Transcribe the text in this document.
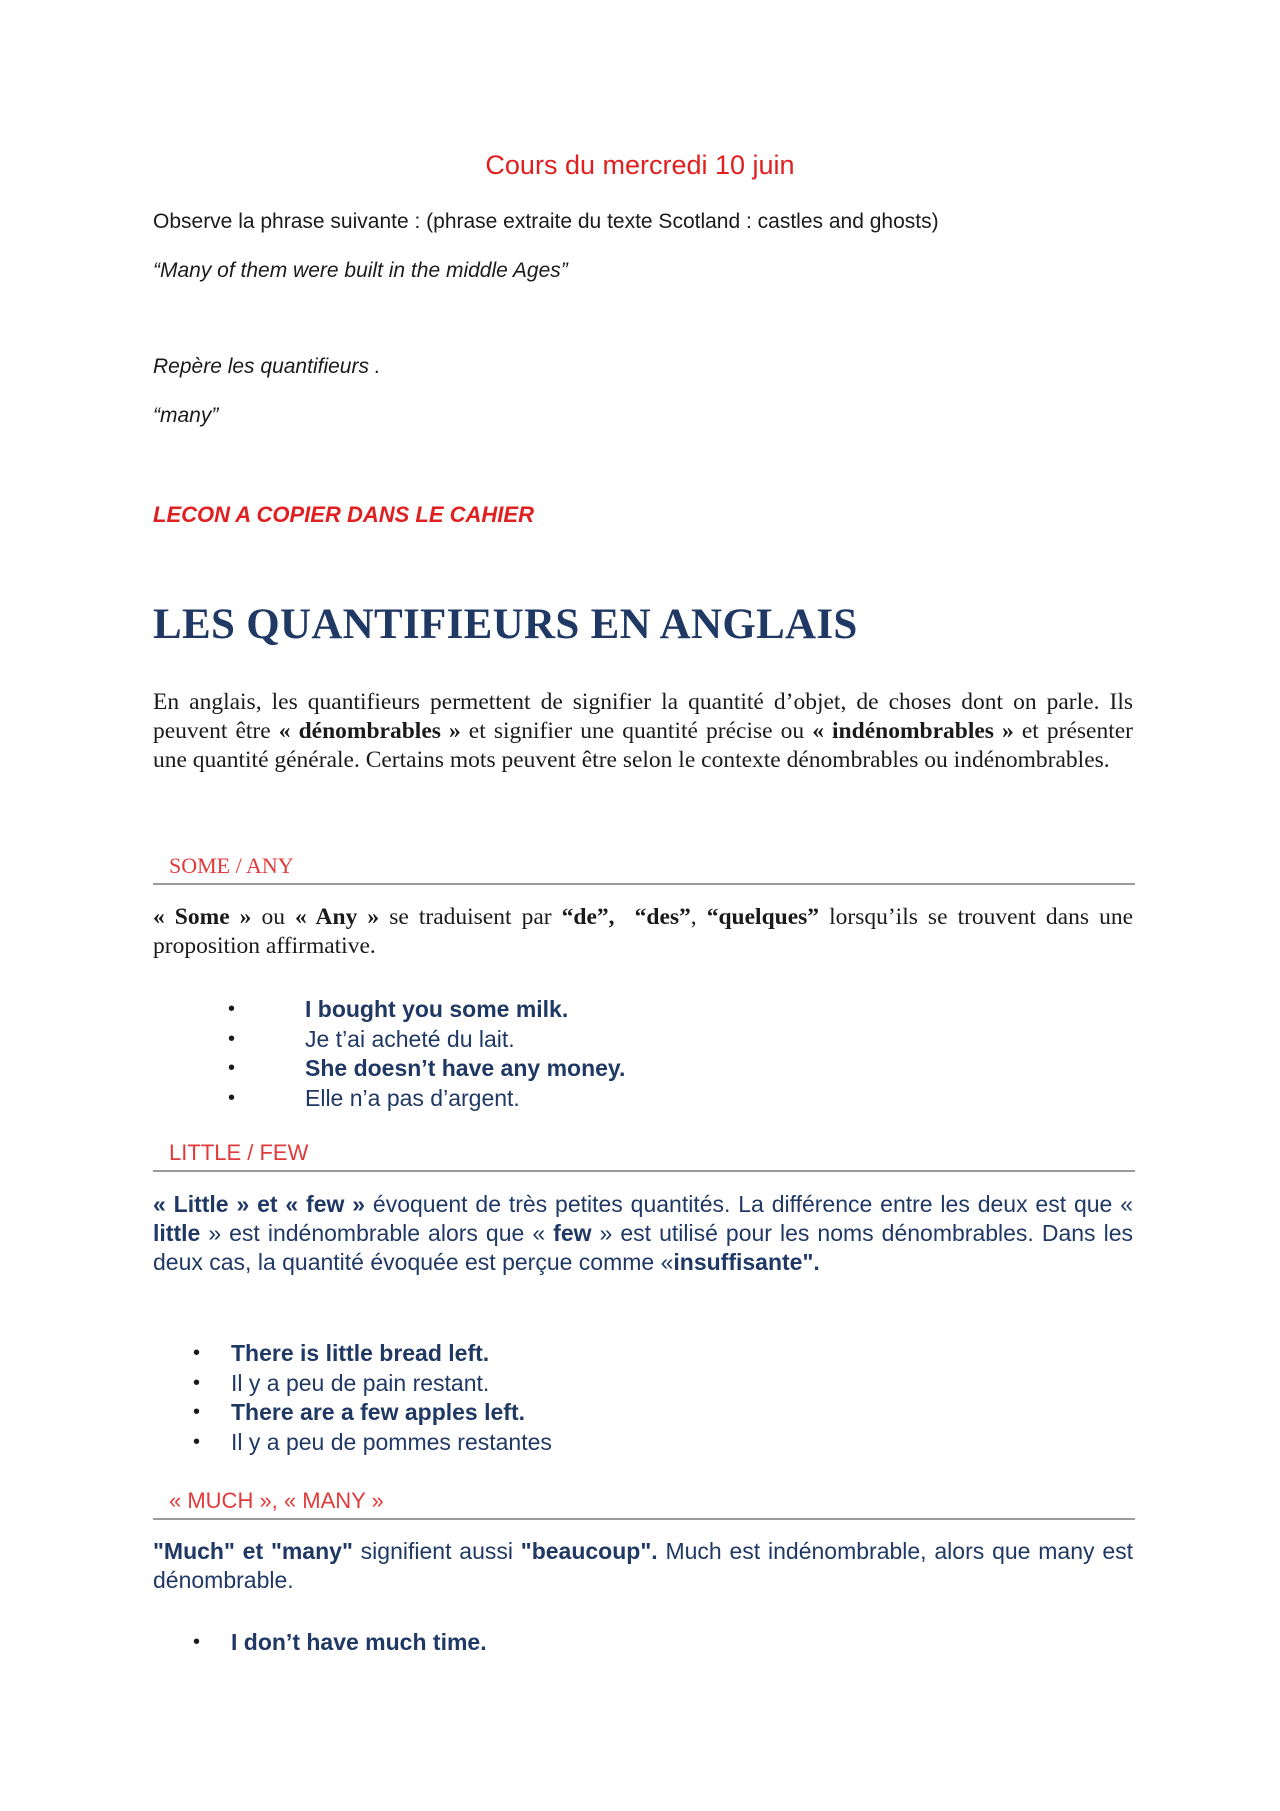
Cours du mercredi 10 juin
Observe la phrase suivante : (phrase extraite du texte Scotland : castles and ghosts)
“Many of them were built in the middle Ages”
Repère les quantifieurs .
“many”
LECON A COPIER DANS LE CAHIER
LES QUANTIFIEURS EN ANGLAIS

En anglais, les quantifieurs permettent de signifier la quantité d’objet, de choses dont on parle. Ils peuvent être « dénombrables » et signifier une quantité précise ou « indénombrables » et présenter une quantité générale. Certains mots peuvent être selon le contexte dénombrables ou indénombrables.

SOME / ANY

« Some » ou « Any » se traduisent par “de”, “des”, “quelques” lorsqu’ils se trouvent dans une proposition affirmative.

•	I bought you some milk.
•	Je t’ai acheté du lait.
•	She doesn’t have any money.
•	Elle n’a pas d’argent.
LITTLE / FEW

« Little » et « few » évoquent de très petites quantités. La différence entre les deux est que « little » est indénombrable alors que « few » est utilisé pour les noms dénombrables. Dans les deux cas, la quantité évoquée est perçue comme «insuffisante".

• There is little bread left.
• Il y a peu de pain restant.
• There are a few apples left.
• Il y a peu de pommes restantes
« MUCH », « MANY »

"Much" et "many" signifient aussi "beaucoup". Much est indénombrable, alors que many est dénombrable.

• I don’t have much time.
